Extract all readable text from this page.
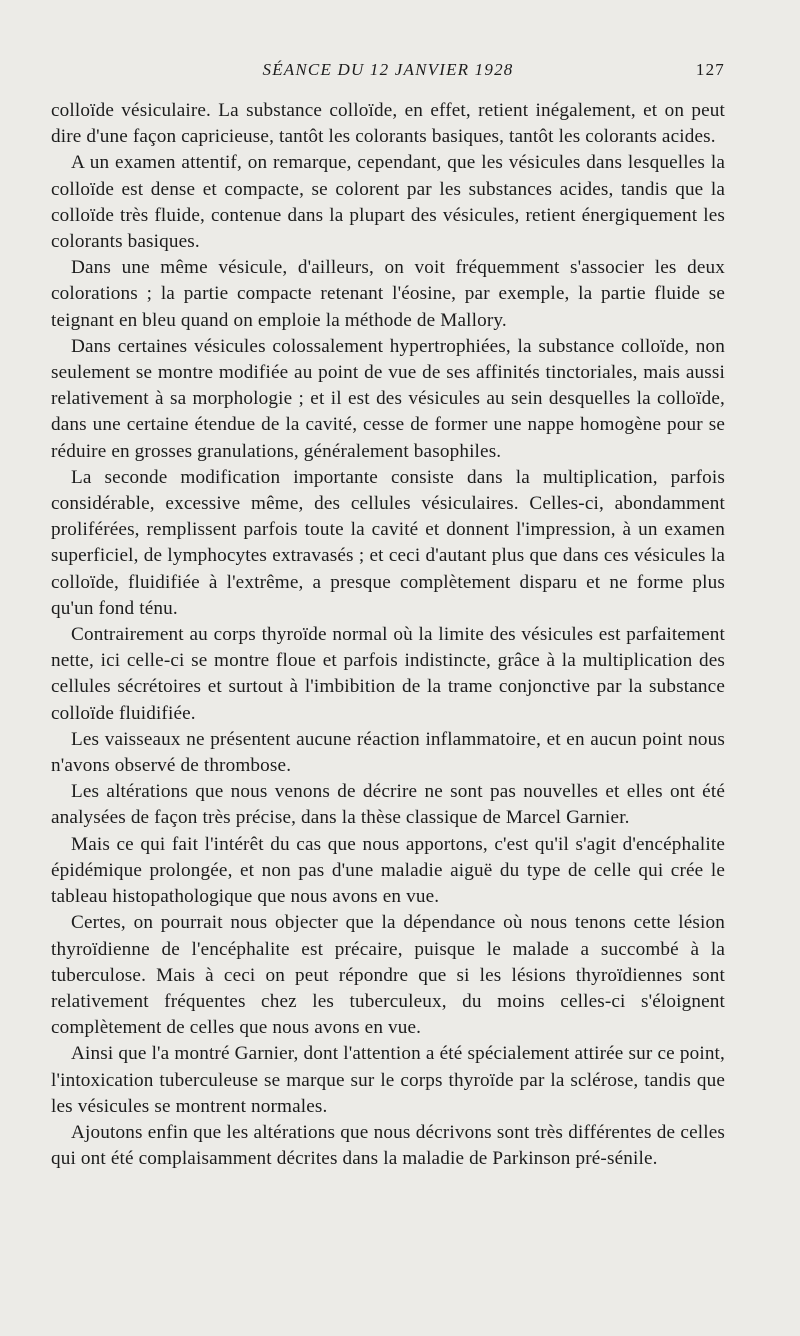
SÉANCE DU 12 JANVIER 1928	127

colloïde vésiculaire. La substance colloïde, en effet, retient inégalement, et on peut dire d'une façon capricieuse, tantôt les colorants basiques, tantôt les colorants acides.

A un examen attentif, on remarque, cependant, que les vésicules dans lesquelles la colloïde est dense et compacte, se colorent par les substances acides, tandis que la colloïde très fluide, contenue dans la plupart des vésicules, retient énergiquement les colorants basiques.

Dans une même vésicule, d'ailleurs, on voit fréquemment s'associer les deux colorations ; la partie compacte retenant l'éosine, par exemple, la partie fluide se teignant en bleu quand on emploie la méthode de Mallory.

Dans certaines vésicules colossalement hypertrophiées, la substance colloïde, non seulement se montre modifiée au point de vue de ses affinités tinctoriales, mais aussi relativement à sa morphologie ; et il est des vésicules au sein desquelles la colloïde, dans une certaine étendue de la cavité, cesse de former une nappe homogène pour se réduire en grosses granulations, généralement basophiles.

La seconde modification importante consiste dans la multiplication, parfois considérable, excessive même, des cellules vésiculaires. Celles-ci, abondamment proliférées, remplissent parfois toute la cavité et donnent l'impression, à un examen superficiel, de lymphocytes extravasés ; et ceci d'autant plus que dans ces vésicules la colloïde, fluidifiée à l'extrême, a presque complètement disparu et ne forme plus qu'un fond ténu.

Contrairement au corps thyroïde normal où la limite des vésicules est parfaitement nette, ici celle-ci se montre floue et parfois indistincte, grâce à la multiplication des cellules sécrétoires et surtout à l'imbibition de la trame conjonctive par la substance colloïde fluidifiée.

Les vaisseaux ne présentent aucune réaction inflammatoire, et en aucun point nous n'avons observé de thrombose.

Les altérations que nous venons de décrire ne sont pas nouvelles et elles ont été analysées de façon très précise, dans la thèse classique de Marcel Garnier.

Mais ce qui fait l'intérêt du cas que nous apportons, c'est qu'il s'agit d'encéphalite épidémique prolongée, et non pas d'une maladie aiguë du type de celle qui crée le tableau histopathologique que nous avons en vue.

Certes, on pourrait nous objecter que la dépendance où nous tenons cette lésion thyroïdienne de l'encéphalite est précaire, puisque le malade a succombé à la tuberculose. Mais à ceci on peut répondre que si les lésions thyroïdiennes sont relativement fréquentes chez les tuberculeux, du moins celles-ci s'éloignent complètement de celles que nous avons en vue.

Ainsi que l'a montré Garnier, dont l'attention a été spécialement attirée sur ce point, l'intoxication tuberculeuse se marque sur le corps thyroïde par la sclérose, tandis que les vésicules se montrent normales.

Ajoutons enfin que les altérations que nous décrivons sont très différentes de celles qui ont été complaisamment décrites dans la maladie de Parkinson pré-sénile.
